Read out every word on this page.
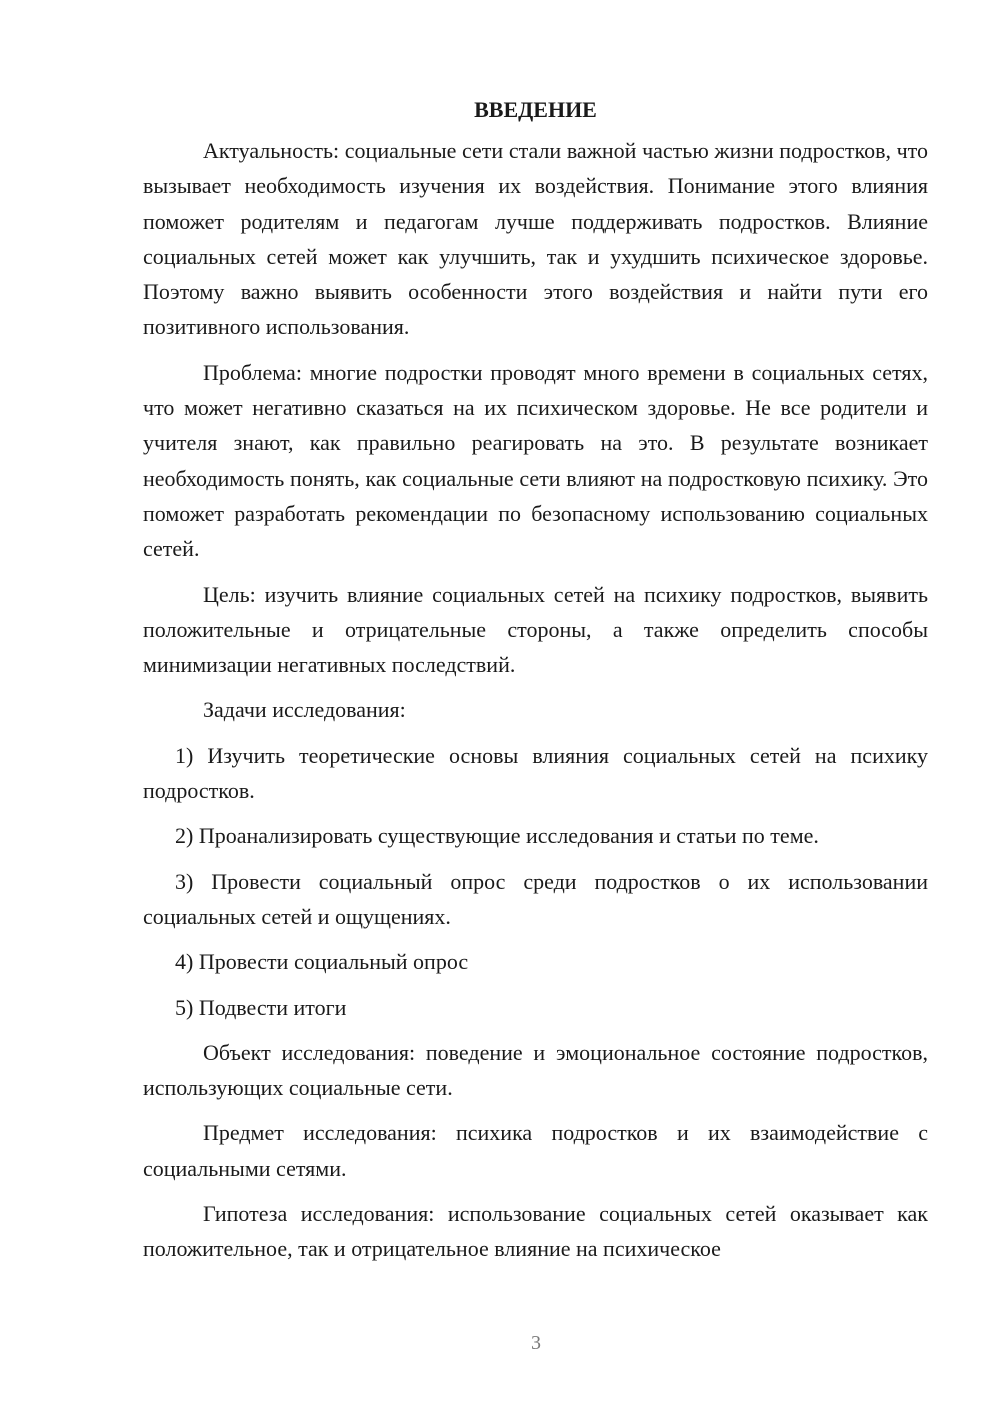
ВВЕДЕНИЕ

Актуальность: социальные сети стали важной частью жизни подростков, что вызывает необходимость изучения их воздействия. Понимание этого влияния поможет родителям и педагогам лучше поддерживать подростков. Влияние социальных сетей может как улучшить, так и ухудшить психическое здоровье. Поэтому важно выявить особенности этого воздействия и найти пути его позитивного использования.

Проблема: многие подростки проводят много времени в социальных сетях, что может негативно сказаться на их психическом здоровье. Не все родители и учителя знают, как правильно реагировать на это. В результате возникает необходимость понять, как социальные сети влияют на подростковую психику. Это поможет разработать рекомендации по безопасному использованию социальных сетей.

Цель: изучить влияние социальных сетей на психику подростков, выявить положительные и отрицательные стороны, а также определить способы минимизации негативных последствий.

Задачи исследования:

1) Изучить теоретические основы влияния социальных сетей на психику подростков.

2) Проанализировать существующие исследования и статьи по теме.

3) Провести социальный опрос среди подростков о их использовании социальных сетей и ощущениях.

4) Провести социальный опрос

5) Подвести итоги

Объект исследования: поведение и эмоциональное состояние подростков, использующих социальные сети.

Предмет исследования: психика подростков и их взаимодействие с социальными сетями.

Гипотеза исследования: использование социальных сетей оказывает как положительное, так и отрицательное влияние на психическое

3
